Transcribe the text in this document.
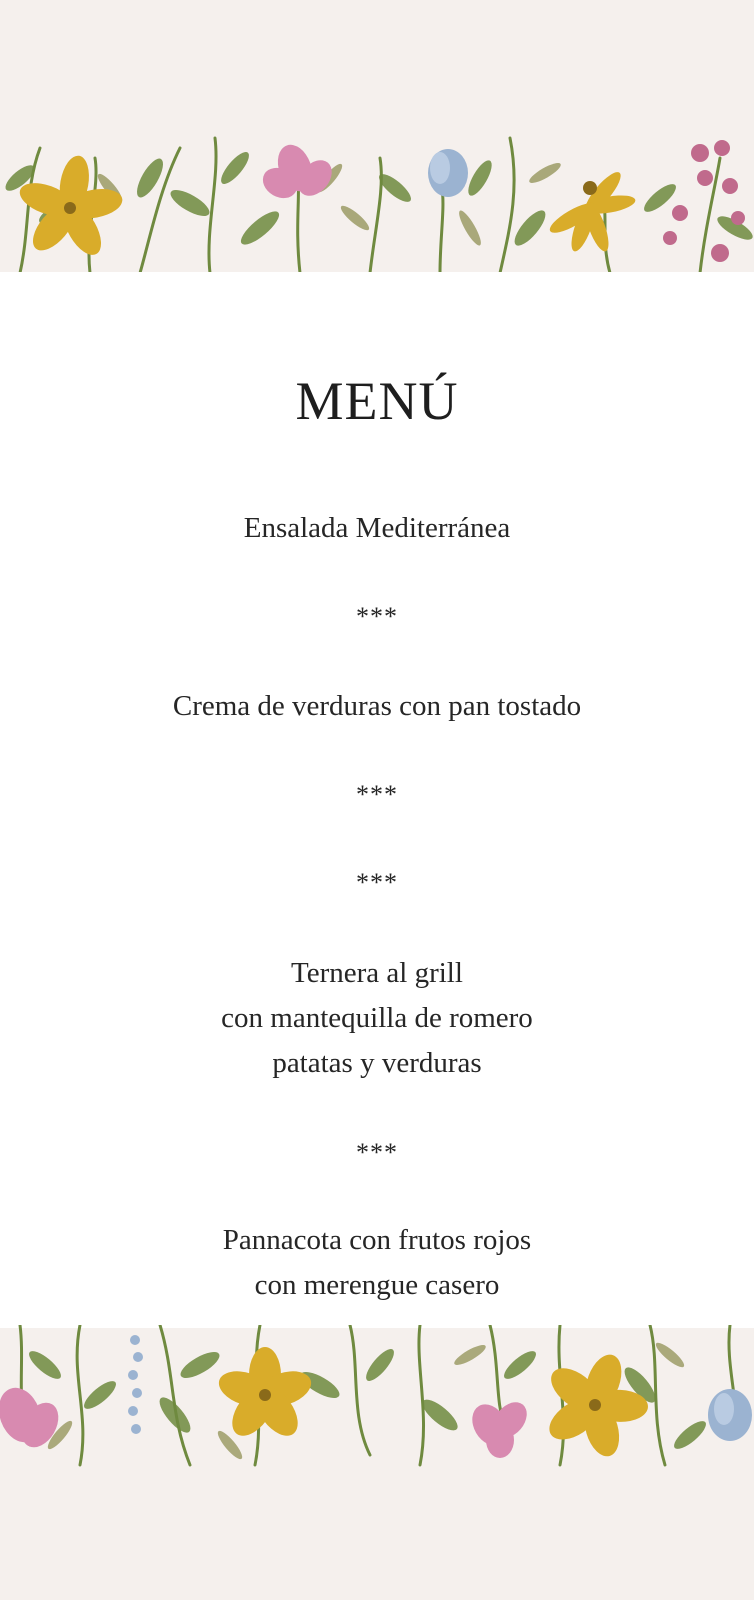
MENÚ
Ensalada Mediterránea
***
Crema de verduras con pan tostado
***
***
Ternera al grill
con mantequilla de romero
patatas y verduras
***
Pannacota con frutos rojos
con merengue casero
